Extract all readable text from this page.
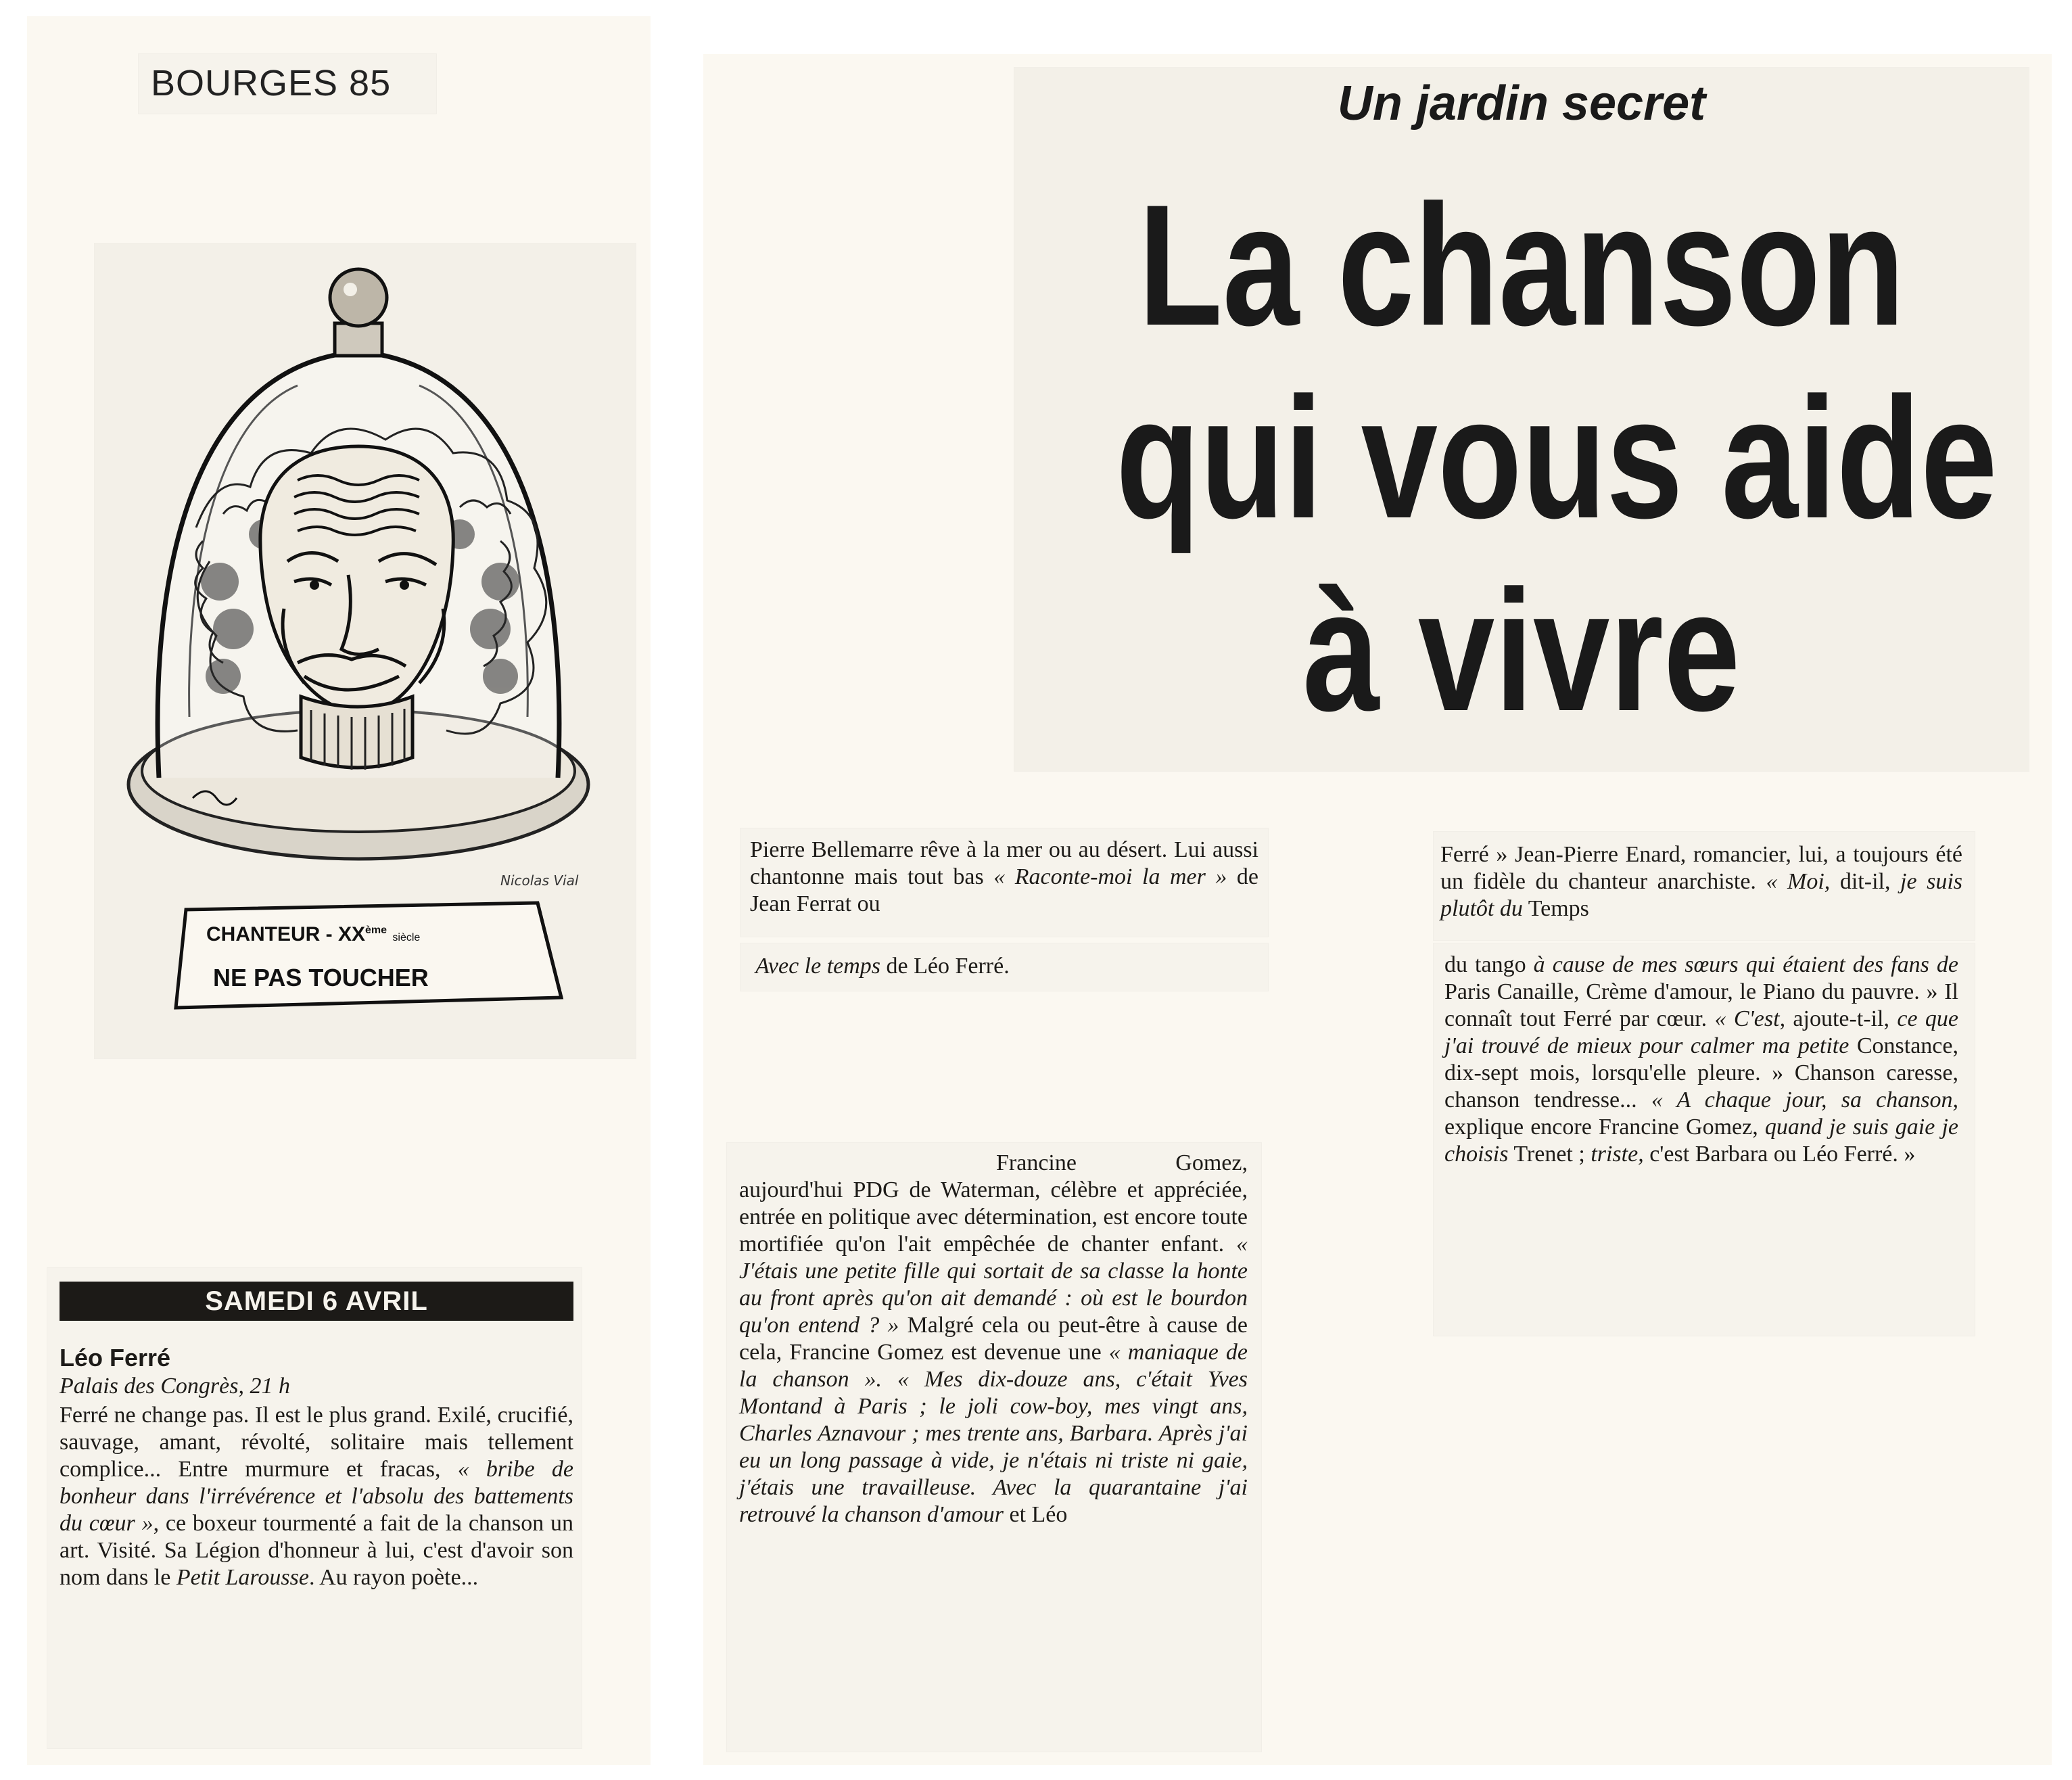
BOURGES 85
CHANTEUR - XXème siècle
NE PAS TOUCHER
Nicolas Vial
SAMEDI 6 AVRIL
Léo Ferré
Palais des Congrès, 21 h
Ferré ne change pas. Il est le plus grand. Exilé, crucifié, sauvage, amant, révolté, solitaire mais tellement complice... Entre murmure et fracas, « bribe de bonheur dans l'irrévérence et l'absolu des battements du cœur », ce boxeur tourmenté a fait de la chanson un art. Visité. Sa Légion d'honneur à lui, c'est d'avoir son nom dans le Petit Larousse. Au rayon poète...
Un jardin secret
La chanson
qui vous aide
à vivre
Pierre Bellemarre rêve à la mer ou au désert. Lui aussi chantonne mais tout bas « Raconte-moi la mer » de Jean Ferrat ou
Avec le temps de Léo Ferré.
Francine Gomez, aujourd'hui PDG de Waterman, célèbre et appréciée, entrée en politique avec détermination, est encore toute mortifiée qu'on l'ait empêchée de chanter enfant. « J'étais une petite fille qui sortait de sa classe la honte au front après qu'on ait demandé : où est le bourdon qu'on entend ? » Malgré cela ou peut-être à cause de cela, Francine Gomez est devenue une « maniaque de la chanson ». « Mes dix-douze ans, c'était Yves Montand à Paris ; le joli cow-boy, mes vingt ans, Charles Aznavour ; mes trente ans, Barbara. Après j'ai eu un long passage à vide, je n'étais ni triste ni gaie, j'étais une travailleuse. Avec la quarantaine j'ai retrouvé la chanson d'amour et Léo
Ferré » Jean-Pierre Enard, romancier, lui, a toujours été un fidèle du chanteur anarchiste. « Moi, dit-il, je suis plutôt du Temps
du tango à cause de mes sœurs qui étaient des fans de Paris Canaille, Crème d'amour, le Piano du pauvre. » Il connaît tout Ferré par cœur. « C'est, ajoute-t-il, ce que j'ai trouvé de mieux pour calmer ma petite Constance, dix-sept mois, lorsqu'elle pleure. » Chanson caresse, chanson tendresse... « A chaque jour, sa chanson, explique encore Francine Gomez, quand je suis gaie je choisis Trenet ; triste, c'est Barbara ou Léo Ferré. »
